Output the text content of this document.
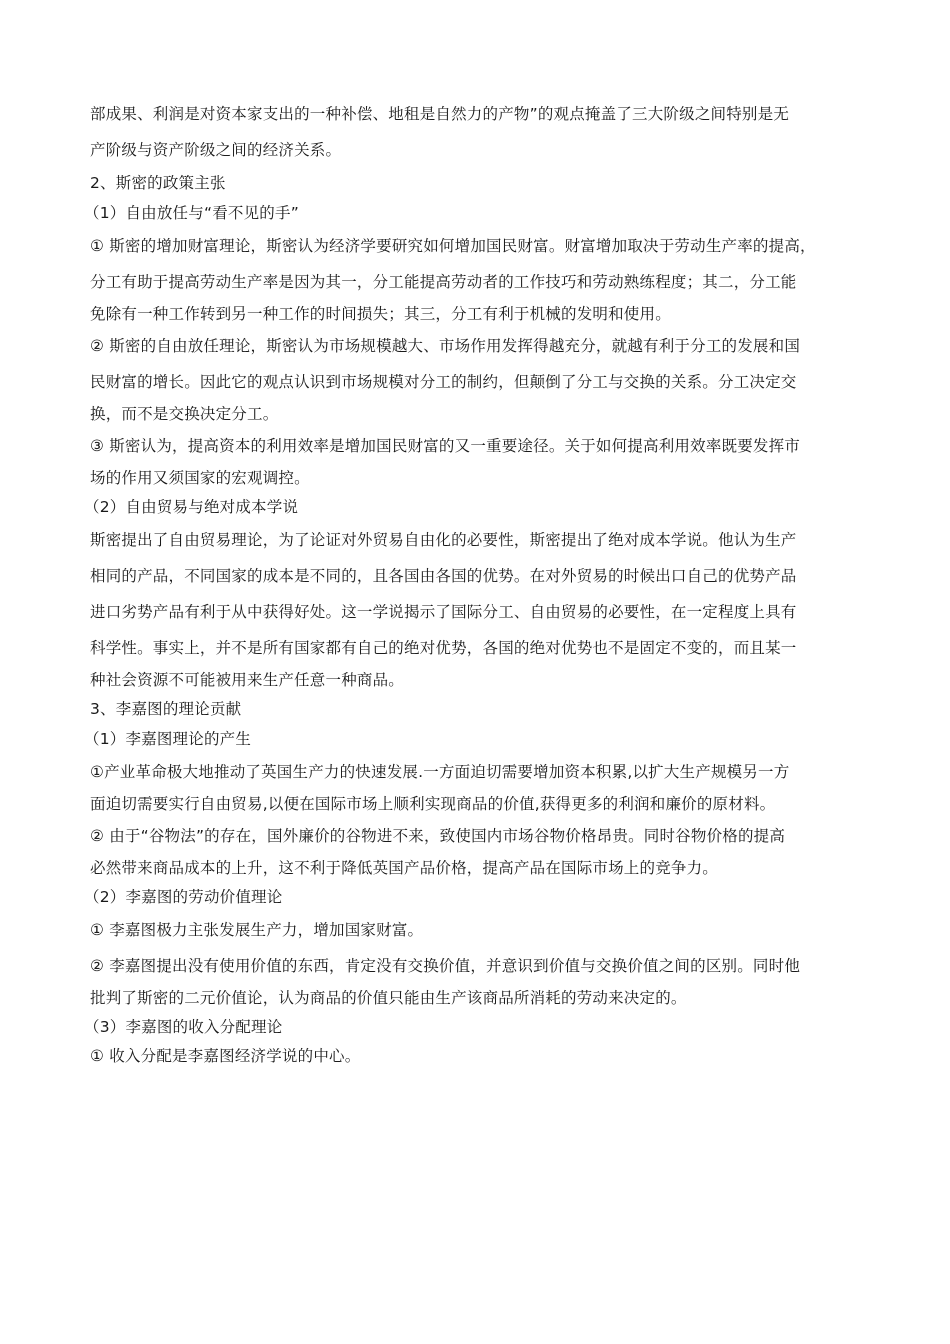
部成果、利润是对资本家支出的一种补偿、地租是自然力的产物”的观点掩盖了三大阶级之间特别是无
产阶级与资产阶级之间的经济关系。
2、斯密的政策主张
（1）自由放任与“看不见的手”
① 斯密的增加财富理论，斯密认为经济学要研究如何增加国民财富。财富增加取决于劳动生产率的提高，
分工有助于提高劳动生产率是因为其一，分工能提高劳动者的工作技巧和劳动熟练程度；其二，分工能
免除有一种工作转到另一种工作的时间损失；其三，分工有利于机械的发明和使用。
② 斯密的自由放任理论，斯密认为市场规模越大、市场作用发挥得越充分，就越有利于分工的发展和国
民财富的增长。因此它的观点认识到市场规模对分工的制约，但颠倒了分工与交换的关系。分工决定交
换，而不是交换决定分工。
③ 斯密认为，提高资本的利用效率是增加国民财富的又一重要途径。关于如何提高利用效率既要发挥市
场的作用又须国家的宏观调控。
（2）自由贸易与绝对成本学说
斯密提出了自由贸易理论，为了论证对外贸易自由化的必要性，斯密提出了绝对成本学说。他认为生产
相同的产品，不同国家的成本是不同的，且各国由各国的优势。在对外贸易的时候出口自己的优势产品
进口劣势产品有利于从中获得好处。这一学说揭示了国际分工、自由贸易的必要性，在一定程度上具有
科学性。事实上，并不是所有国家都有自己的绝对优势，各国的绝对优势也不是固定不变的，而且某一
种社会资源不可能被用来生产任意一种商品。
3、李嘉图的理论贡献
（1）李嘉图理论的产生
①产业革命极大地推动了英国生产力的快速发展.一方面迫切需要增加资本积累,以扩大生产规模另一方
面迫切需要实行自由贸易,以便在国际市场上顺利实现商品的价值,获得更多的利润和廉价的原材料。
② 由于“谷物法”的存在，国外廉价的谷物进不来，致使国内市场谷物价格昂贵。同时谷物价格的提高
必然带来商品成本的上升，这不利于降低英国产品价格，提高产品在国际市场上的竞争力。
（2）李嘉图的劳动价值理论
① 李嘉图极力主张发展生产力，增加国家财富。
② 李嘉图提出没有使用价值的东西，肯定没有交换价值，并意识到价值与交换价值之间的区别。同时他
批判了斯密的二元价值论，认为商品的价值只能由生产该商品所消耗的劳动来决定的。
（3）李嘉图的收入分配理论
① 收入分配是李嘉图经济学说的中心。
